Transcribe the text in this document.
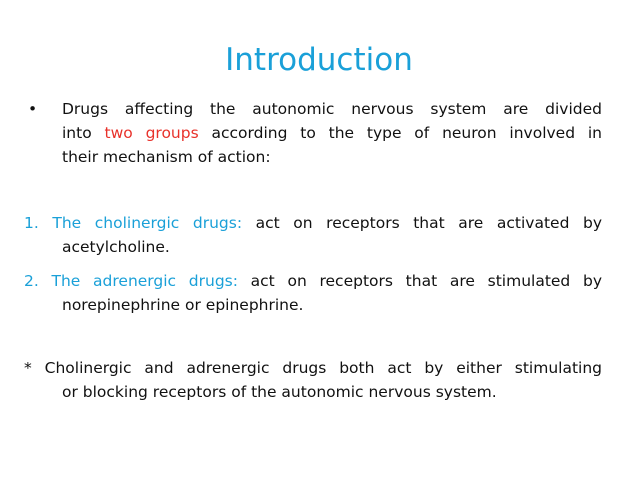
Introduction
• Drugs affecting the autonomic nervous system are divided
into two groups according to the type of neuron involved in
their mechanism of action:
1. The cholinergic drugs: act on receptors that are activated by
acetylcholine.
2. The adrenergic drugs: act on receptors that are stimulated by
norepinephrine or epinephrine.
* Cholinergic and adrenergic drugs both act by either stimulating
or blocking receptors of the autonomic nervous system.
